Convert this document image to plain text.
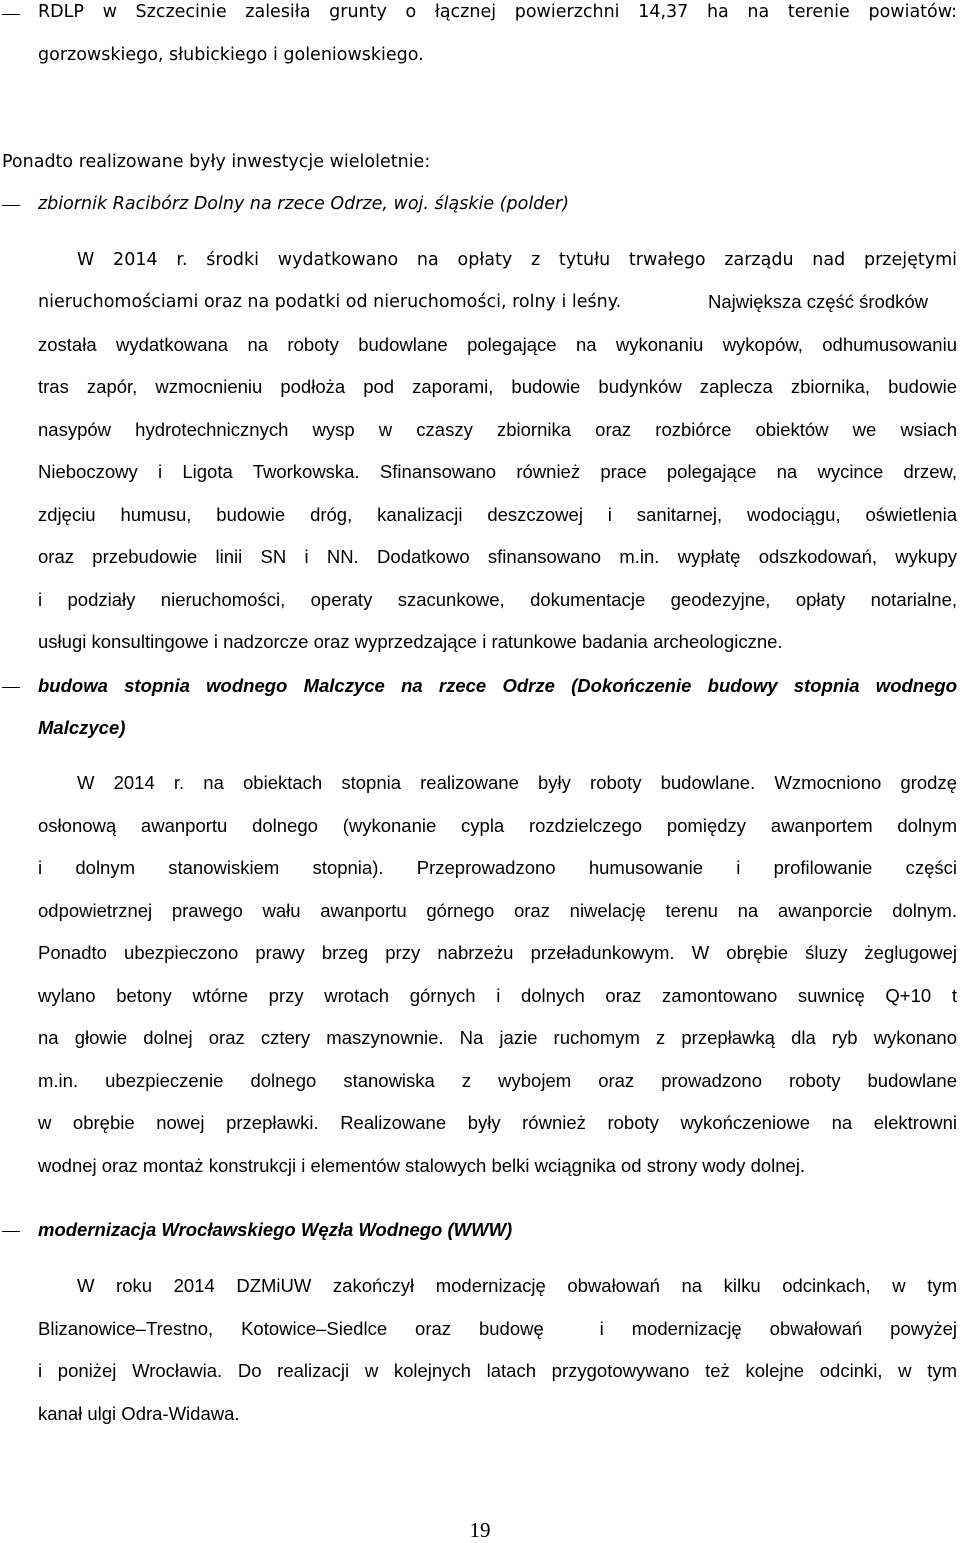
RDLP w Szczecinie zalesiła grunty o łącznej powierzchni 14,37 ha na terenie powiatów:

gorzowskiego, słubickiego i goleniowskiego.

Ponadto realizowane były inwestycje wieloletnie:

zbiornik Racibórz Dolny na rzece Odrze, woj. śląskie (polder)

W 2014 r. środki wydatkowano na opłaty z tytułu trwałego zarządu nad przejętymi

nieruchomościami oraz na podatki od nieruchomości, rolny i leśny.	Największa część środków

została wydatkowana na roboty budowlane polegające na wykonaniu wykopów, odhumusowaniu

tras zapór, wzmocnieniu podłoża pod zaporami, budowie budynków zaplecza zbiornika, budowie

nasypów hydrotechnicznych wysp w czaszy zbiornika oraz rozbiórce obiektów we wsiach

Nieboczowy i Ligota Tworkowska. Sfinansowano również prace polegające na wycince drzew,

zdjęciu humusu, budowie dróg, kanalizacji deszczowej i sanitarnej, wodociągu, oświetlenia

oraz przebudowie linii SN i NN. Dodatkowo sfinansowano m.in. wypłatę odszkodowań, wykupy

i podziały nieruchomości, operaty szacunkowe, dokumentacje geodezyjne, opłaty notarialne,

usługi konsultingowe i nadzorcze oraz wyprzedzające i ratunkowe badania archeologiczne.

budowa stopnia wodnego Malczyce na rzece Odrze (Dokończenie budowy stopnia wodnego

Malczyce)

W 2014 r. na obiektach stopnia realizowane były roboty budowlane. Wzmocniono grodzę

osłonową awanportu dolnego (wykonanie cypla rozdzielczego pomiędzy awanportem dolnym

i dolnym stanowiskiem stopnia). Przeprowadzono humusowanie i profilowanie części

odpowietrznej prawego wału awanportu górnego oraz niwelację terenu na awanporcie dolnym.

Ponadto ubezpieczono prawy brzeg przy nabrzeżu przeładunkowym. W obrębie śluzy żeglugowej

wylano betony wtórne przy wrotach górnych i dolnych oraz zamontowano suwnicę Q+10 t

na głowie dolnej oraz cztery maszynownie. Na jazie ruchomym z przepławką dla ryb wykonano

m.in. ubezpieczenie dolnego stanowiska z wybojem oraz prowadzono roboty budowlane

w obrębie nowej przepławki. Realizowane były również roboty wykończeniowe na elektrowni

wodnej oraz montaż konstrukcji i elementów stalowych belki wciągnika od strony wody dolnej.

modernizacja Wrocławskiego Węzła Wodnego (WWW)

W roku 2014 DZMiUW zakończył modernizację obwałowań na kilku odcinkach, w tym

Blizanowice–Trestno, Kotowice–Siedlce oraz budowę  i modernizację obwałowań powyżej

i poniżej Wrocławia. Do realizacji w kolejnych latach przygotowywano też kolejne odcinki, w tym

kanał ulgi Odra-Widawa.

19
